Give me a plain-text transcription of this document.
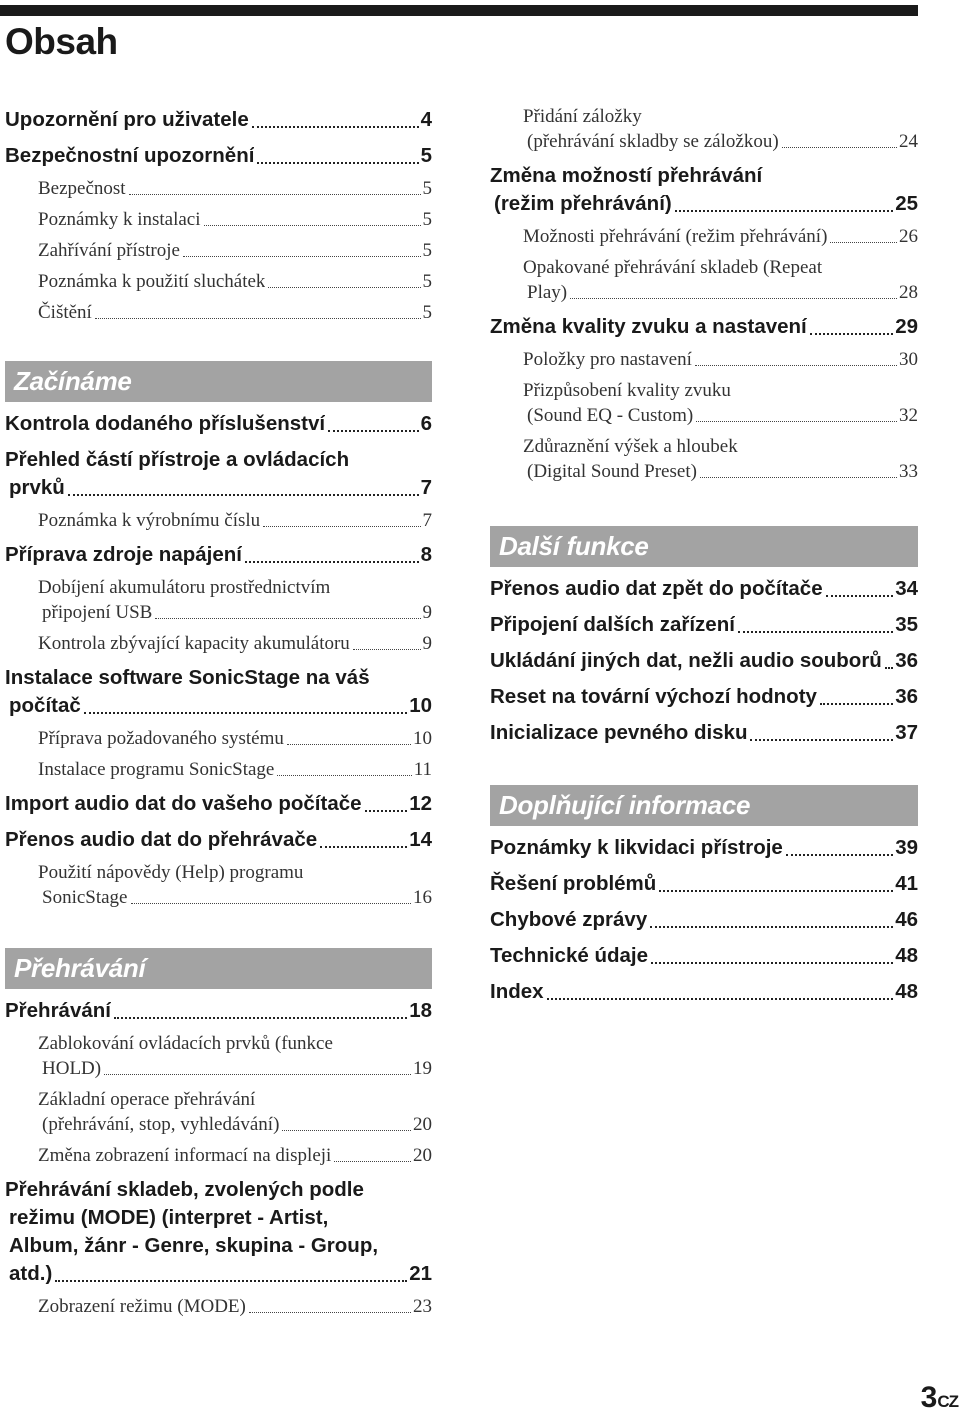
Obsah
Upozornění pro uživatele	4
Bezpečnostní upozornění	5
Bezpečnost	5
Poznámky k instalaci	5
Zahřívání přístroje	5
Poznámka k použití sluchátek	5
Čištění	5
Začínáme
Kontrola dodaného příslušenství	6
Přehled částí přístroje a ovládacích
prvků	7
Poznámka k výrobnímu číslu	7
Příprava zdroje napájení	8
Dobíjení akumulátoru prostřednictvím
připojení USB	9
Kontrola zbývající kapacity akumulátoru	9
Instalace software SonicStage na váš
počítač	10
Příprava požadovaného systému	10
Instalace programu SonicStage	11
Import audio dat do vašeho počítače 12
Přenos audio dat do přehrávače	14
Použití nápovědy (Help) programu
SonicStage	16
Přehrávání
Přehrávání	18
Zablokování ovládacích prvků (funkce
HOLD)	19
Základní operace přehrávání
(přehrávání, stop, vyhledávání)	20
Změna zobrazení informací na displeji	20
Přehrávání skladeb, zvolených podle
režimu (MODE) (interpret - Artist,
Album, žánr - Genre, skupina - Group,
atd.)	21
Zobrazení režimu (MODE)	23
Přidání záložky
(přehrávání skladby se záložkou)	24
Změna možností přehrávání
(režim přehrávání)	25
Možnosti přehrávání (režim přehrávání)	26
Opakované přehrávání skladeb (Repeat
Play)	28
Změna kvality zvuku a nastavení	29
Položky pro nastavení	30
Přizpůsobení kvality zvuku
(Sound EQ - Custom)	32
Zdůraznění výšek a hloubek
(Digital Sound Preset)	33
Další funkce
Přenos audio dat zpět do počítače	34
Připojení dalších zařízení	35
Ukládání jiných dat, nežli audio souborů 36
Reset na tovární výchozí hodnoty	36
Inicializace pevného disku	37
Doplňující informace
Poznámky k likvidaci přístroje	39
Řešení problémů	41
Chybové zprávy	46
Technické údaje	48
Index	48
3CZ
